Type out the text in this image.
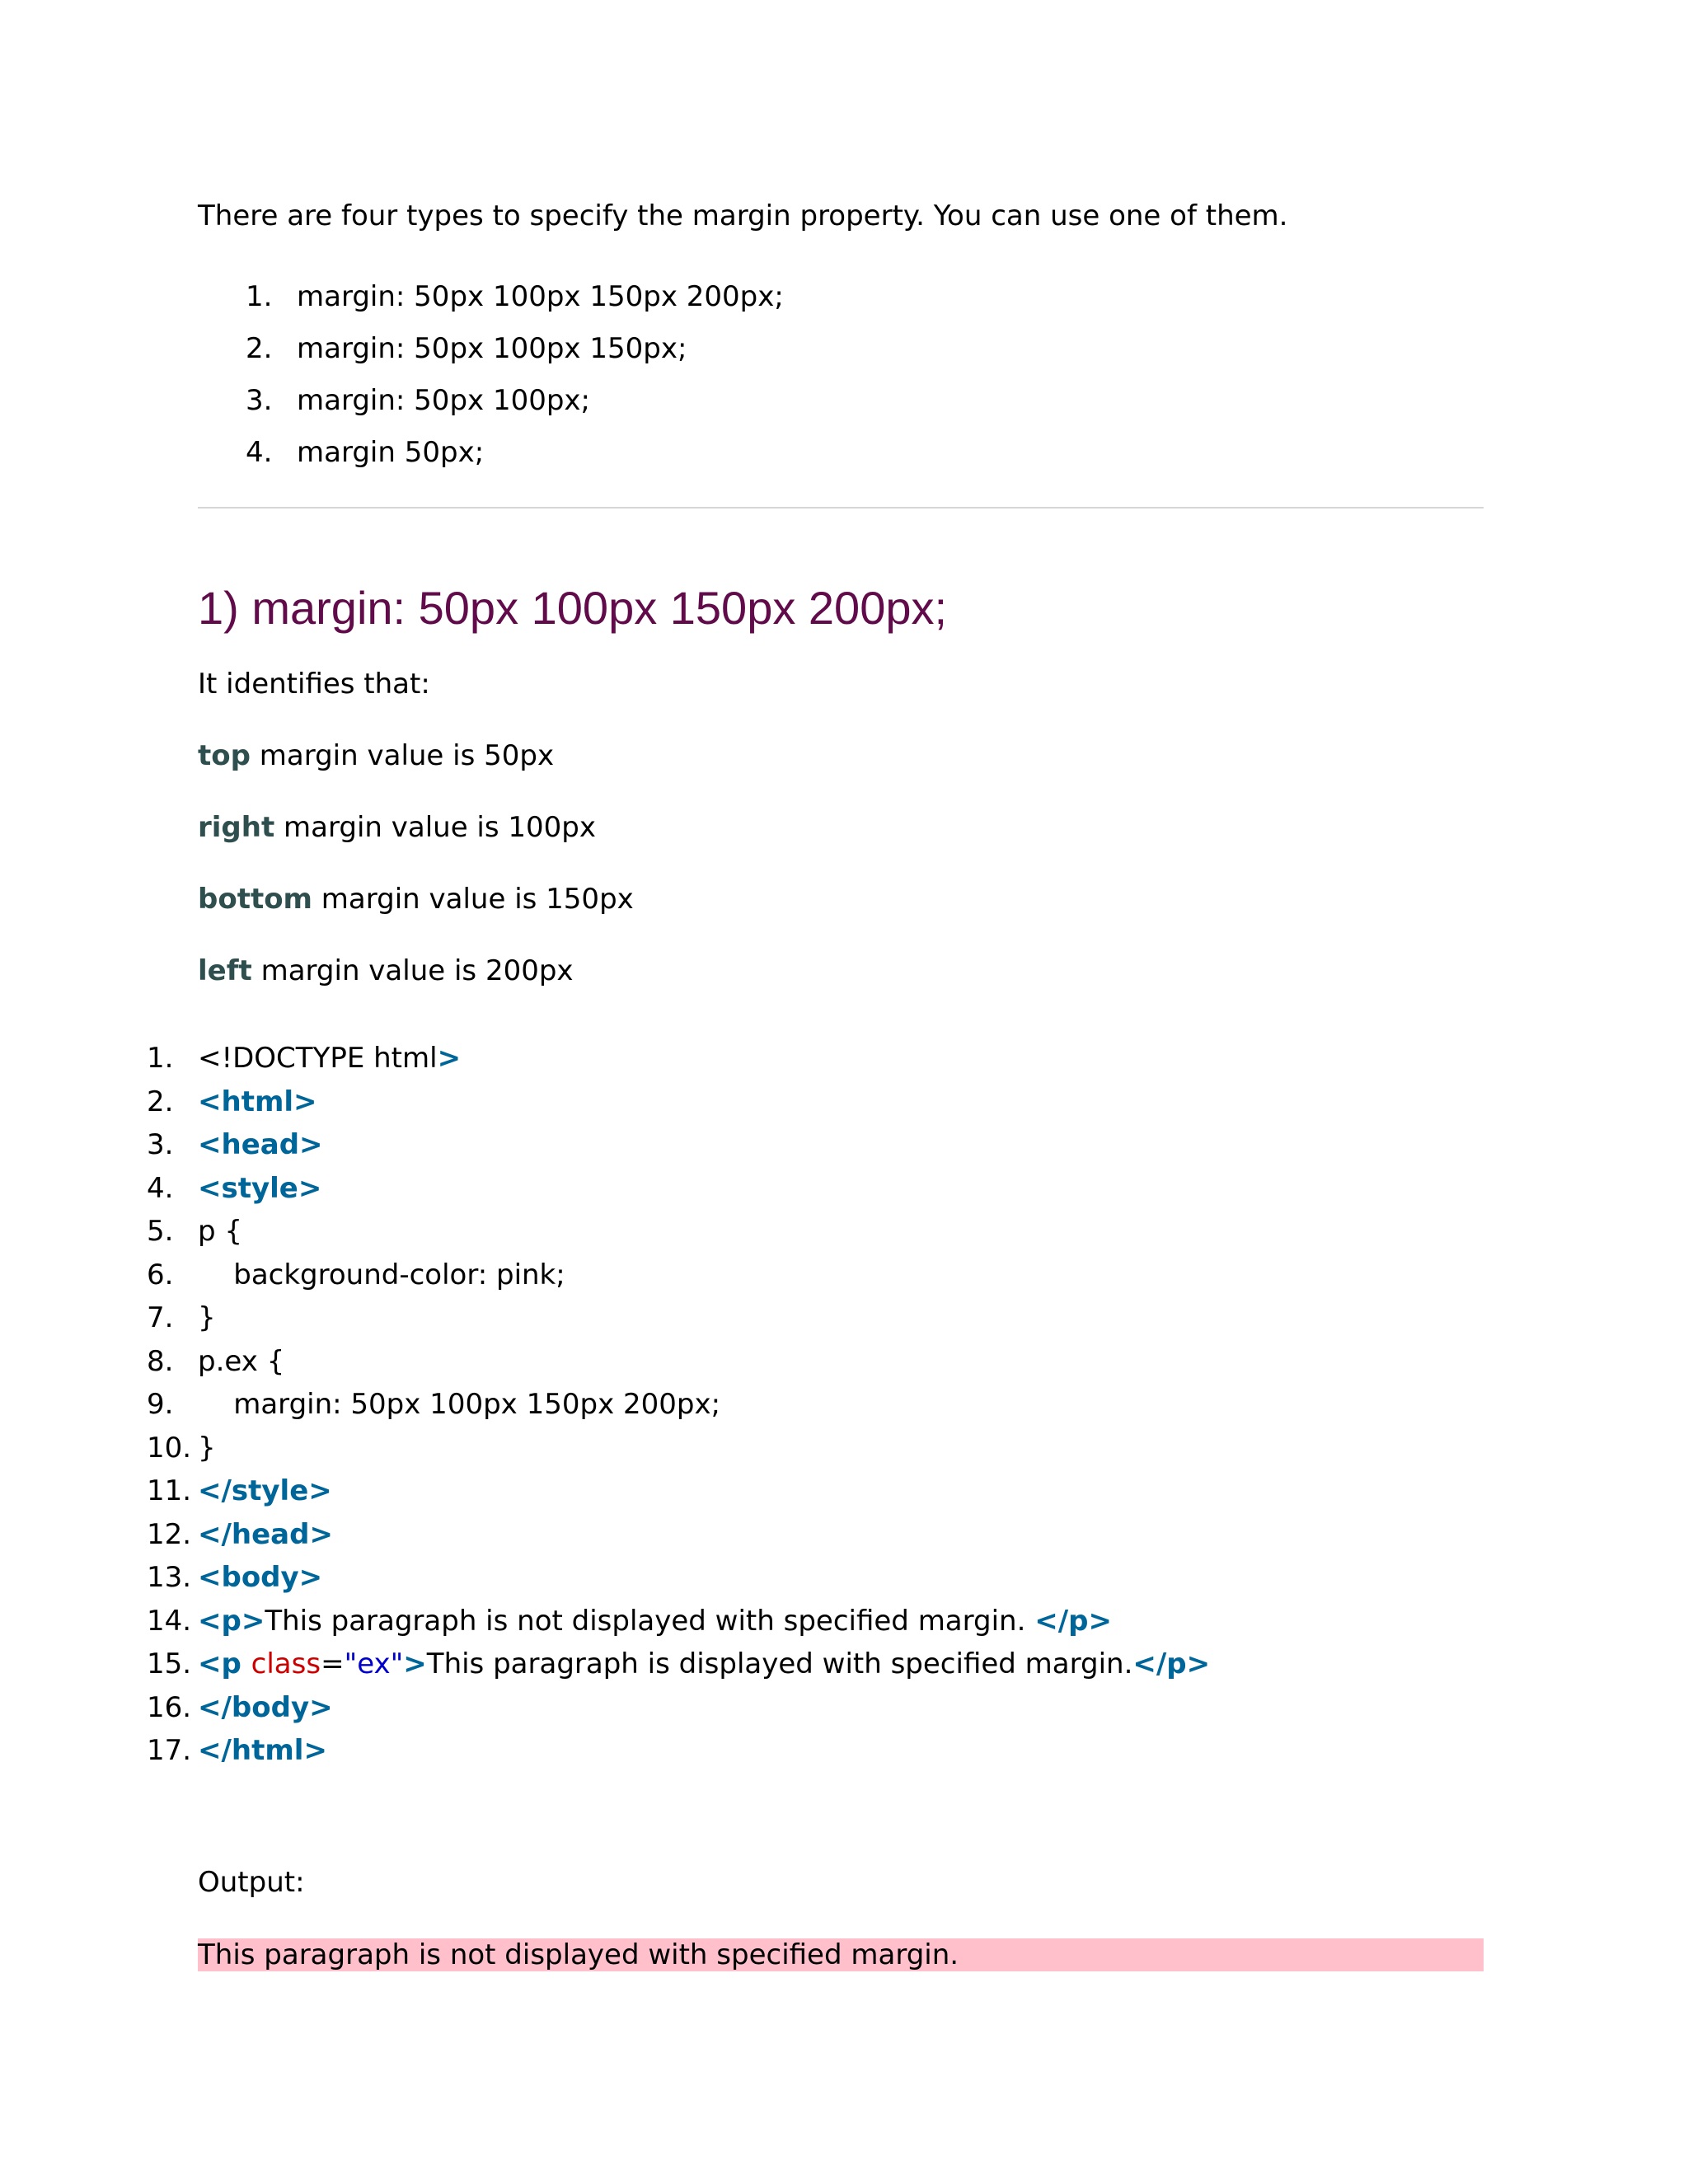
There are four types to specify the margin property. You can use one of them.

1. margin: 50px 100px 150px 200px;
2. margin: 50px 100px 150px;
3. margin: 50px 100px;
4. margin 50px;
1) margin: 50px 100px 150px 200px;

It identifies that:

top margin value is 50px

right margin value is 100px

bottom margin value is 150px

left margin value is 200px

1. <!DOCTYPE html>
2. <html>
3. <head>
4. <style>
5. p {
6. background-color: pink;
7. }
8. p.ex {
9. margin: 50px 100px 150px 200px;
10. }
11. </style>
12. </head>
13. <body>
14. <p>This paragraph is not displayed with specified margin. </p>
15. <p class="ex">This paragraph is displayed with specified margin.</p>
16. </body>
17. </html>

Output:

This paragraph is not displayed with specified margin.
